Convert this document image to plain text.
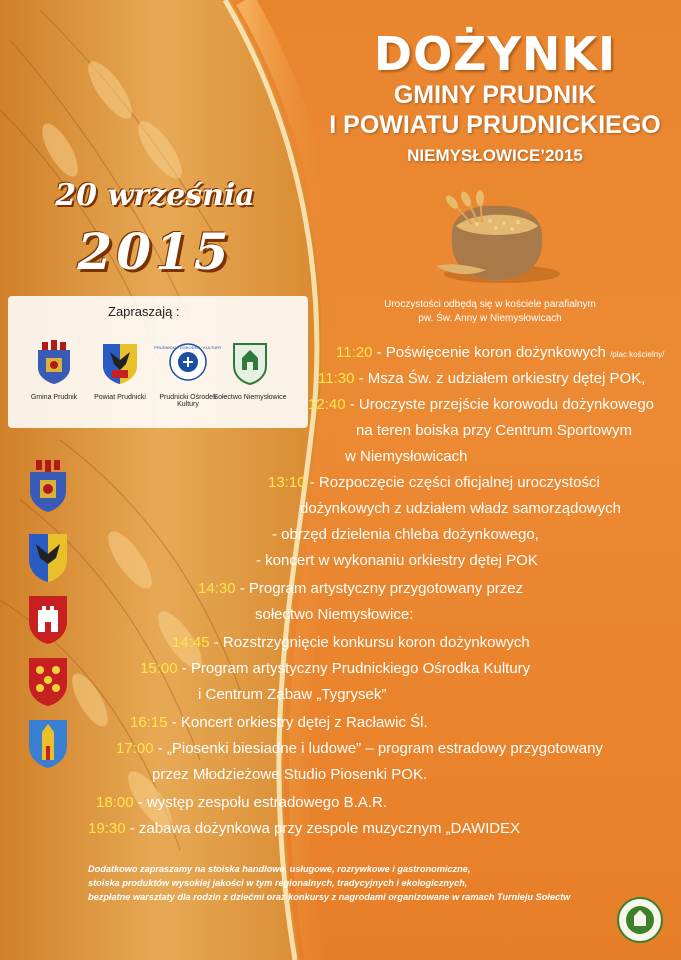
DOŻYNKI
GMINY PRUDNIK
I POWIATU PRUDNICKIEGO
NIEMYSŁOWICE’2015
20 września
2015
Uroczystości odbędą się w kościele parafialnym
pw. Św. Anny w Niemysłowicach
Zapraszają :
Gmina Prudnik	Powiat Prudnicki
PRUDNICKI · OŚRODEK · KULTURY
Prudnicki Ośrodek Kultury
Sołectwo Niemysłowice
11:20 - Poświęcenie koron dożynkowych /plac kościelny/
11:30 - Msza Św. z udziałem orkiestry dętej POK,
12:40 - Uroczyste przejście korowodu dożynkowego
na teren boiska przy Centrum Sportowym
w Niemysłowicach
13:10 - Rozpoczęcie części oficjalnej uroczystości
dożynkowych z udziałem władz samorządowych
- obrzęd dzielenia chleba dożynkowego,
- koncert w wykonaniu orkiestry dętej POK
14:30 - Program artystyczny przygotowany przez
sołectwo Niemysłowice:
14:45 - Rozstrzygnięcie konkursu koron dożynkowych
15:00 - Program artystyczny Prudnickiego Ośrodka Kultury
i Centrum Zabaw „Tygrysek”
16:15 - Koncert orkiestry dętej z Racławic Śl.
17:00 - „Piosenki biesiadne i ludowe” – program estradowy przygotowany
przez Młodzieżowe Studio Piosenki POK.
18:00 - występ zespołu estradowego B.A.R.
19:30 - zabawa dożynkowa przy zespole muzycznym „DAWIDEX
Dodatkowo zapraszamy na stoiska handlowe, usługowe, rozrywkowe i gastronomiczne,
stoiska produktów wysokiej jakości w tym regionalnych, tradycyjnych i ekologicznych,
bezpłatne warsztaty dla rodzin z dziećmi oraz konkursy z nagrodami organizowane w ramach Turnieju Sołectw
